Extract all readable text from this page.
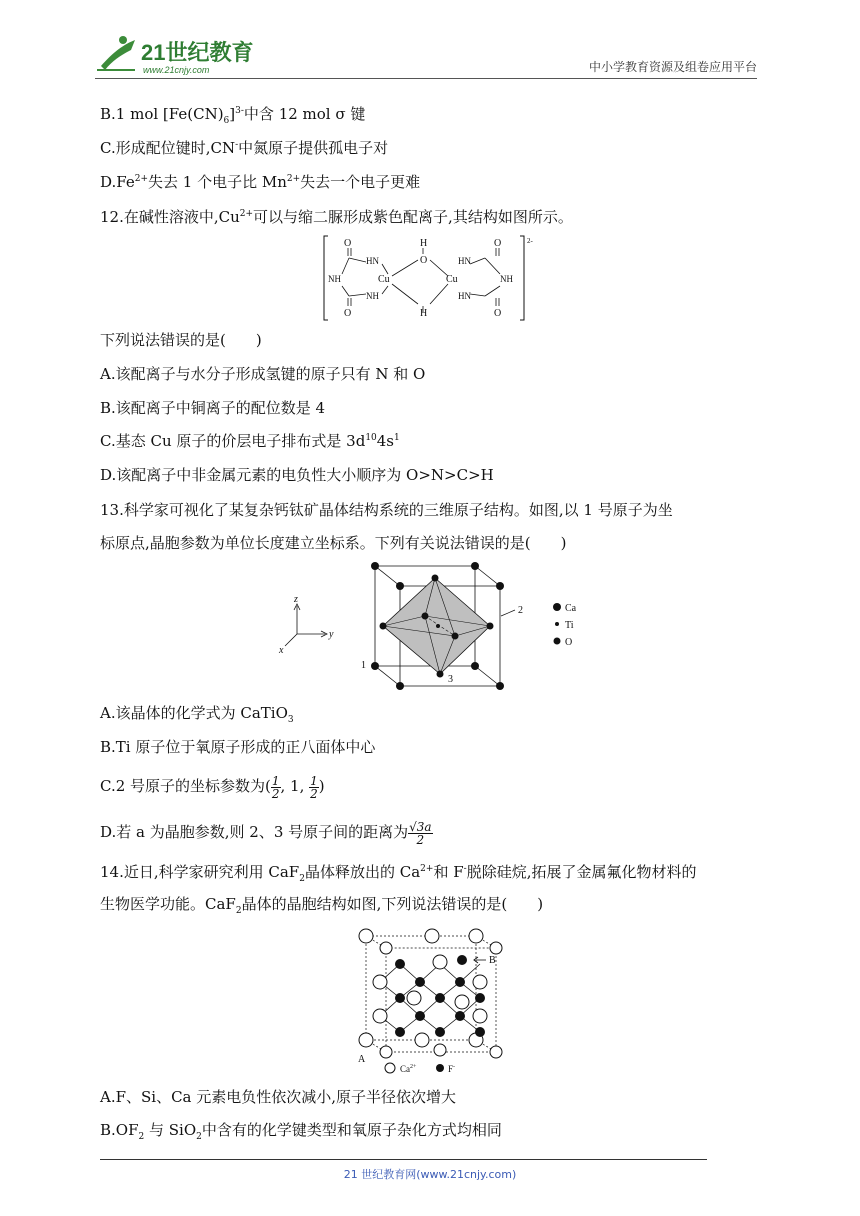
21世纪教育
www.21cnjy.com	中小学教育资源及组卷应用平台
B.1 mol $[Fe(CN)_6]^{3-}$中含 12 mol σ 键
C.形成配位键时,CN-中氮原子提供孤电子对
$D.Fe^{2+}$失去 1 个电子比 $Mn^{2+}$失去一个电子更难
12.在碱性溶液中$,Cu^{2+}$可以与缩二脲形成紫色配离子,其结构如图所示。
2-
O	H	O
HN
NH	Cu
O
Cu
HN
NH
O	H	O
NH	HN
下列说法错误的是(　　)
A.该配离子与水分子形成氢键的原子只有 N 和 O
B.该配离子中铜离子的配位数是 4
C.基态 Cu 原子的价层电子排布式是 $3d^{10}4s^1$
D.该配离子中非金属元素的电负性大小顺序为 O>N>C>H
13.科学家可视化了某复杂钙钛矿晶体结构系统的三维原子结构。如图,以 1 号原子为坐
标原点,晶胞参数为单位长度建立坐标系。下列有关说法错误的是(　　)
z
y
x
2
1
3
Ca
Ti
O
A.该晶体的化学式为 CaTiO$_3$
B.Ti 原子位于氧原子形成的正八面体中心
C.2 号原子的坐标参数为( $\frac{1}{2}$ , 1, $\frac{1}{2}$ )
D.若 a 为晶胞参数,则 2、3 号原子间的距离为 $\frac{√3a}{2}$
14.近日,科学家研究利用 CaF$_2$晶体释放出的 $Ca^{2+}$和 F-脱除硅烷,拓展了金属氟化物材料的
生物医学功能。CaF$_2$晶体的晶胞结构如图,下列说法错误的是(　　)
B
A
$Ca^{2+}$	F-
A.F、Si、Ca 元素电负性依次减小,原子半径依次增大
$B.OF_2$ 与 SiO$_2$中含有的化学键类型和氧原子杂化方式均相同
21 世纪教育网(www.21cnjy.com)
